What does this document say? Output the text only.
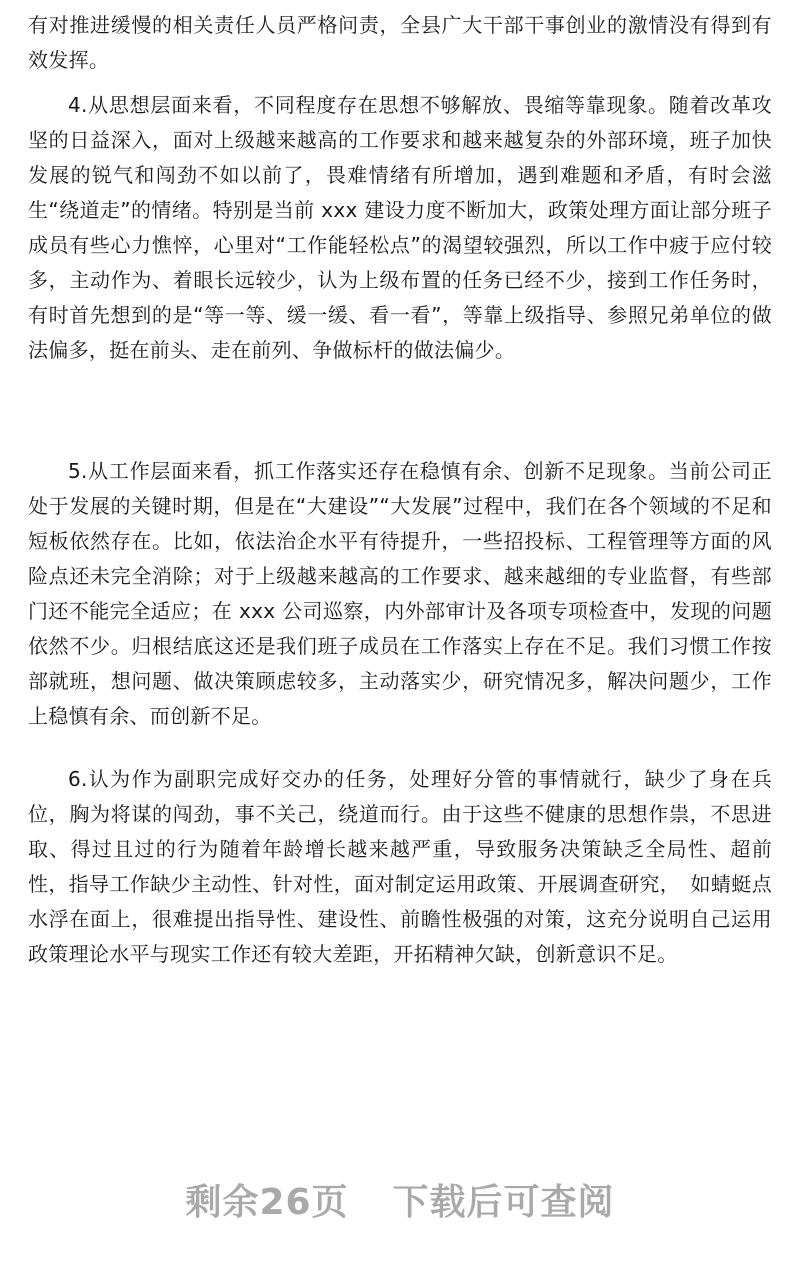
有对推进缓慢的相关责任人员严格问责，全县广大干部干事创业的激情没有得到有效发挥。

4.从思想层面来看，不同程度存在思想不够解放、畏缩等靠现象。随着改革攻坚的日益深入，面对上级越来越高的工作要求和越来越复杂的外部环境，班子加快发展的锐气和闯劲不如以前了，畏难情绪有所增加，遇到难题和矛盾，有时会滋生“绕道走”的情绪。特别是当前 xxx 建设力度不断加大，政策处理方面让部分班子成员有些心力憔悴，心里对“工作能轻松点”的渴望较强烈，所以工作中疲于应付较多，主动作为、着眼长远较少，认为上级布置的任务已经不少，接到工作任务时，有时首先想到的是“等一等、缓一缓、看一看”，等靠上级指导、参照兄弟单位的做法偏多，挺在前头、走在前列、争做标杆的做法偏少。

5.从工作层面来看，抓工作落实还存在稳慎有余、创新不足现象。当前公司正处于发展的关键时期，但是在“大建设”“大发展”过程中，我们在各个领域的不足和短板依然存在。比如，依法治企水平有待提升，一些招投标、工程管理等方面的风险点还未完全消除；对于上级越来越高的工作要求、越来越细的专业监督，有些部门还不能完全适应；在 xxx 公司巡察，内外部审计及各项专项检查中，发现的问题依然不少。归根结底这还是我们班子成员在工作落实上存在不足。我们习惯工作按部就班，想问题、做决策顾虑较多，主动落实少，研究情况多，解决问题少，工作上稳慎有余、而创新不足。

6.认为作为副职完成好交办的任务，处理好分管的事情就行，缺少了身在兵位，胸为将谋的闯劲，事不关己，绕道而行。由于这些不健康的思想作祟，不思进取、得过且过的行为随着年龄增长越来越严重，导致服务决策缺乏全局性、超前性，指导工作缺少主动性、针对性，面对制定运用政策、开展调查研究，　如蜻蜓点水浮在面上，很难提出指导性、建设性、前瞻性极强的对策，这充分说明自己运用政策理论水平与现实工作还有较大差距，开拓精神欠缺，创新意识不足。

剩余26页 下载后可查阅
